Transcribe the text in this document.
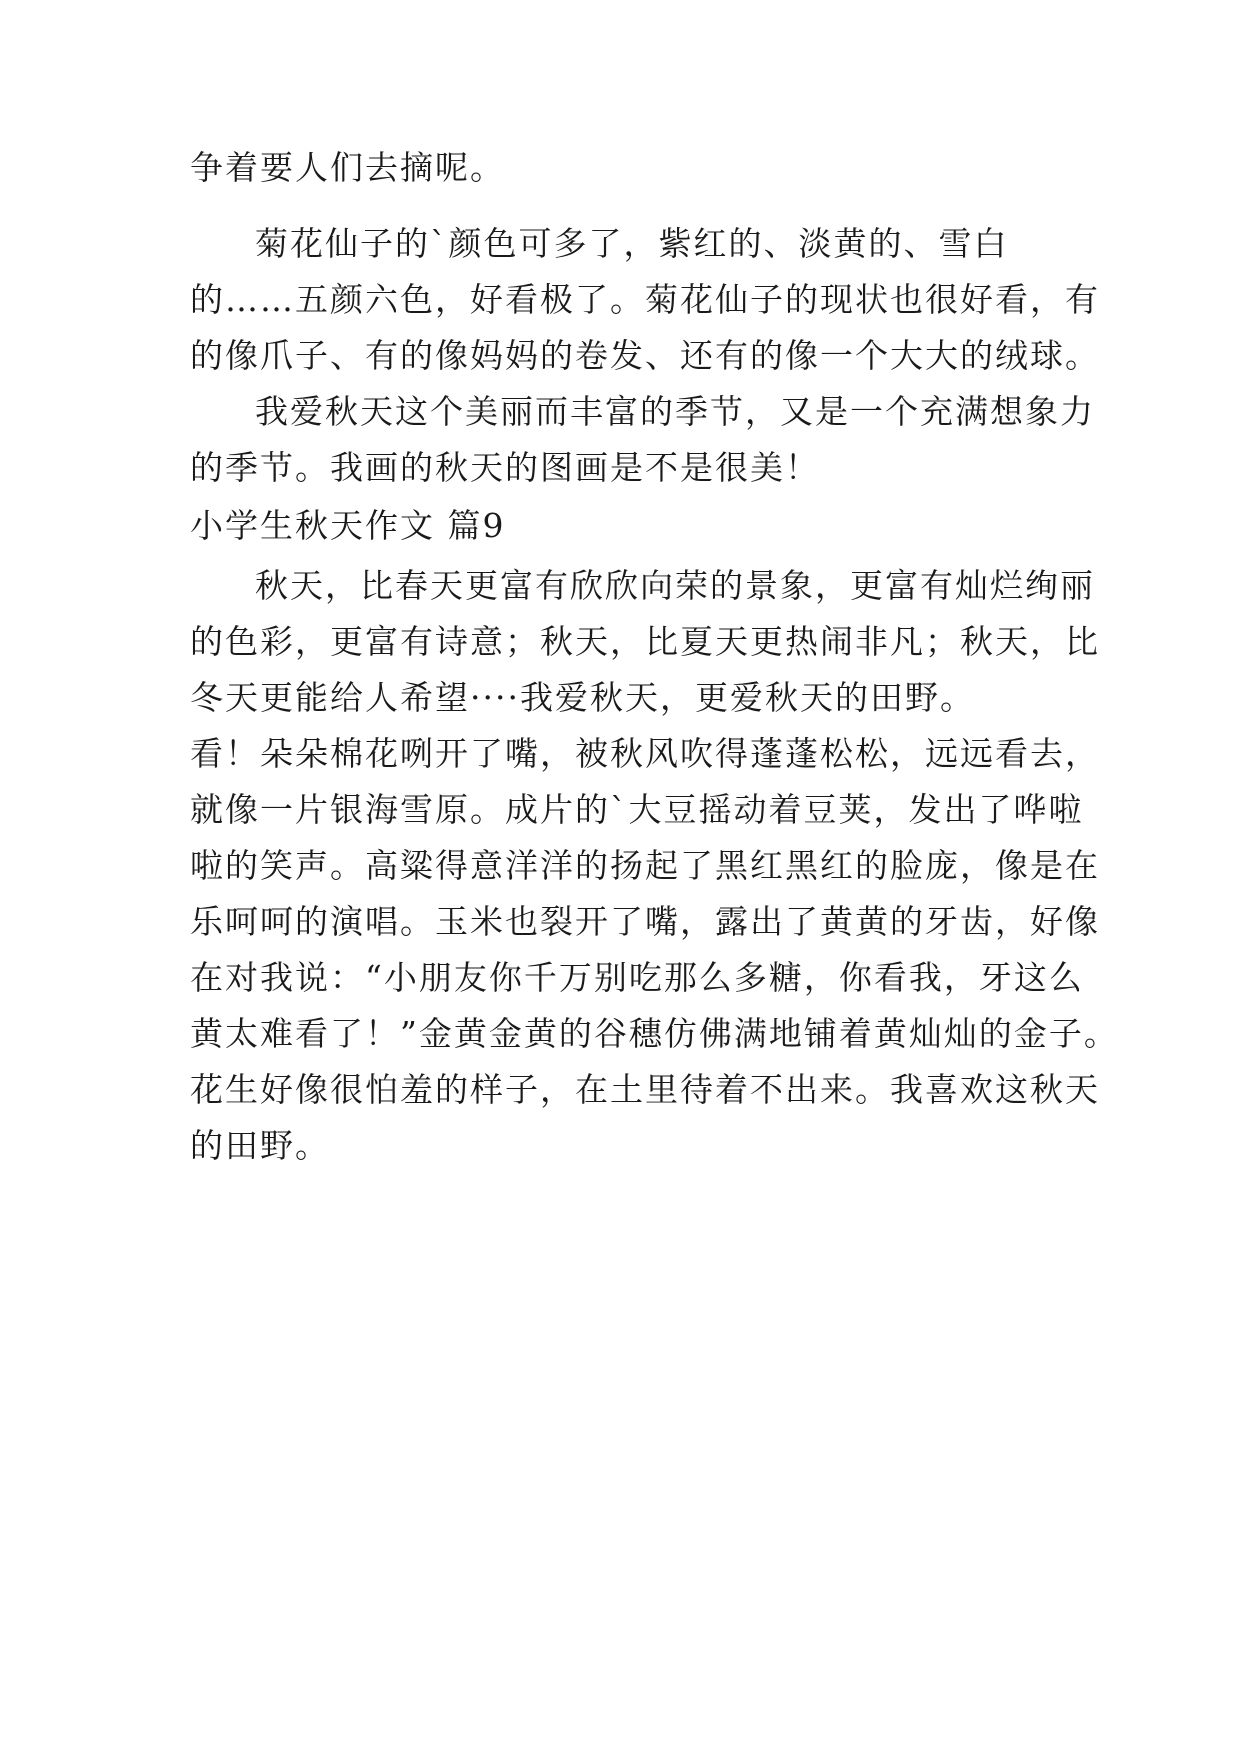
争着要人们去摘呢。
菊花仙子的`颜色可多了，紫红的、淡黄的、雪白
的……五颜六色，好看极了。菊花仙子的现状也很好看，有
的像爪子、有的像妈妈的卷发、还有的像一个大大的绒球。
我爱秋天这个美丽而丰富的季节，又是一个充满想象力
的季节。我画的秋天的图画是不是很美！
小学生秋天作文 篇9
秋天，比春天更富有欣欣向荣的景象，更富有灿烂绚丽
的色彩，更富有诗意；秋天，比夏天更热闹非凡；秋天，比
冬天更能给人希望····我爱秋天，更爱秋天的田野。
看！朵朵棉花咧开了嘴，被秋风吹得蓬蓬松松，远远看去，
就像一片银海雪原。成片的`大豆摇动着豆荚，发出了哗啦
啦的笑声。高粱得意洋洋的扬起了黑红黑红的脸庞，像是在
乐呵呵的演唱。玉米也裂开了嘴，露出了黄黄的牙齿，好像
在对我说：“小朋友你千万别吃那么多糖，你看我，牙这么
黄太难看了！”金黄金黄的谷穗仿佛满地铺着黄灿灿的金子。
花生好像很怕羞的样子，在土里待着不出来。我喜欢这秋天
的田野。
